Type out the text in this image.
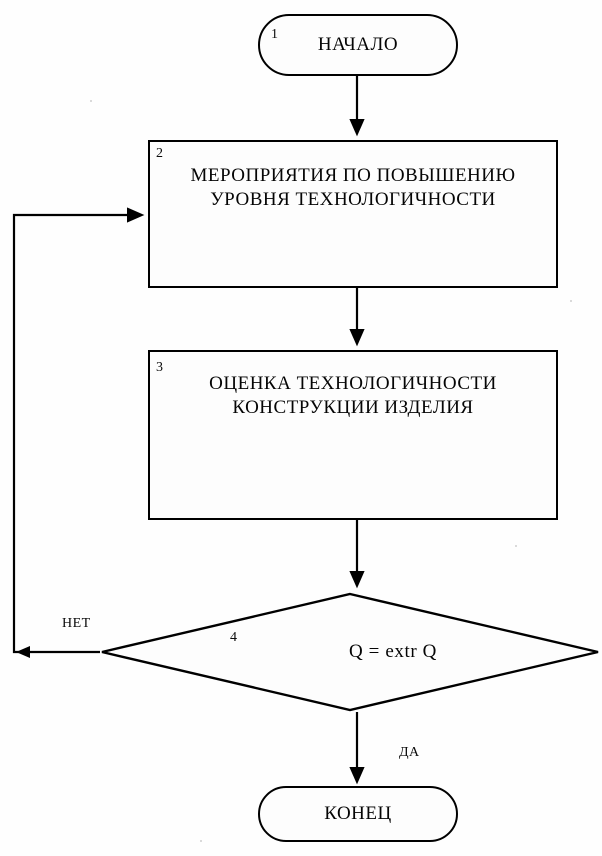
НАЧАЛО
1
МЕРОПРИЯТИЯ ПО ПОВЫШЕНИЮ УРОВНЯ ТЕХНОЛОГИЧНОСТИ
2
ОЦЕНКА ТЕХНОЛОГИЧНОСТИ КОНСТРУКЦИИ ИЗДЕЛИЯ
3
Q = extr Q
4
НЕТ
ДА
КОНЕЦ
